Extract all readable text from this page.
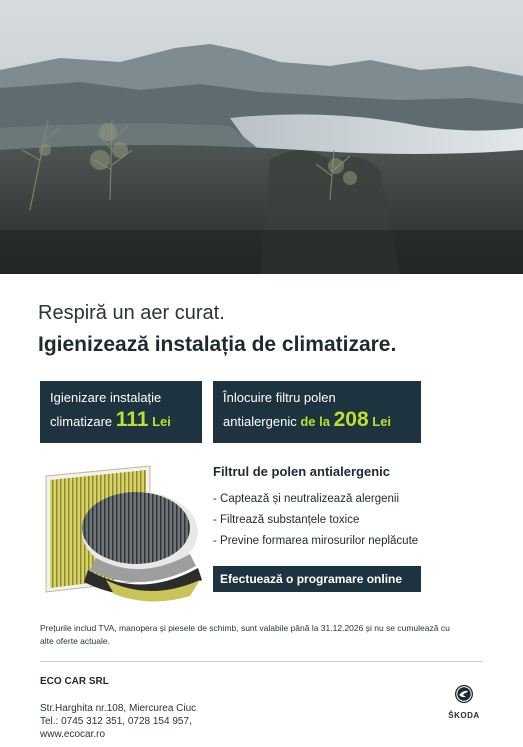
Respiră un aer curat.
Igienizează instalația de climatizare.
Igienizare instalație
climatizare 111 Lei
Înlocuire filtru polen
antialergenic de la 208 Lei
Filtrul de polen antialergenic
- Captează și neutralizează alergenii
- Filtrează substanțele toxice
- Previne formarea mirosurilor neplăcute
Efectuează o programare online
Prețurile includ TVA, manopera și piesele de schimb, sunt valabile până la 31.12.2026 și nu se cumulează cu alte oferte actuale.
ECO CAR SRL
Str.Harghita nr.108, Miercurea Ciuc
Tel.: 0745 312 351, 0728 154 957,
www.ecocar.ro
ŠKODA
